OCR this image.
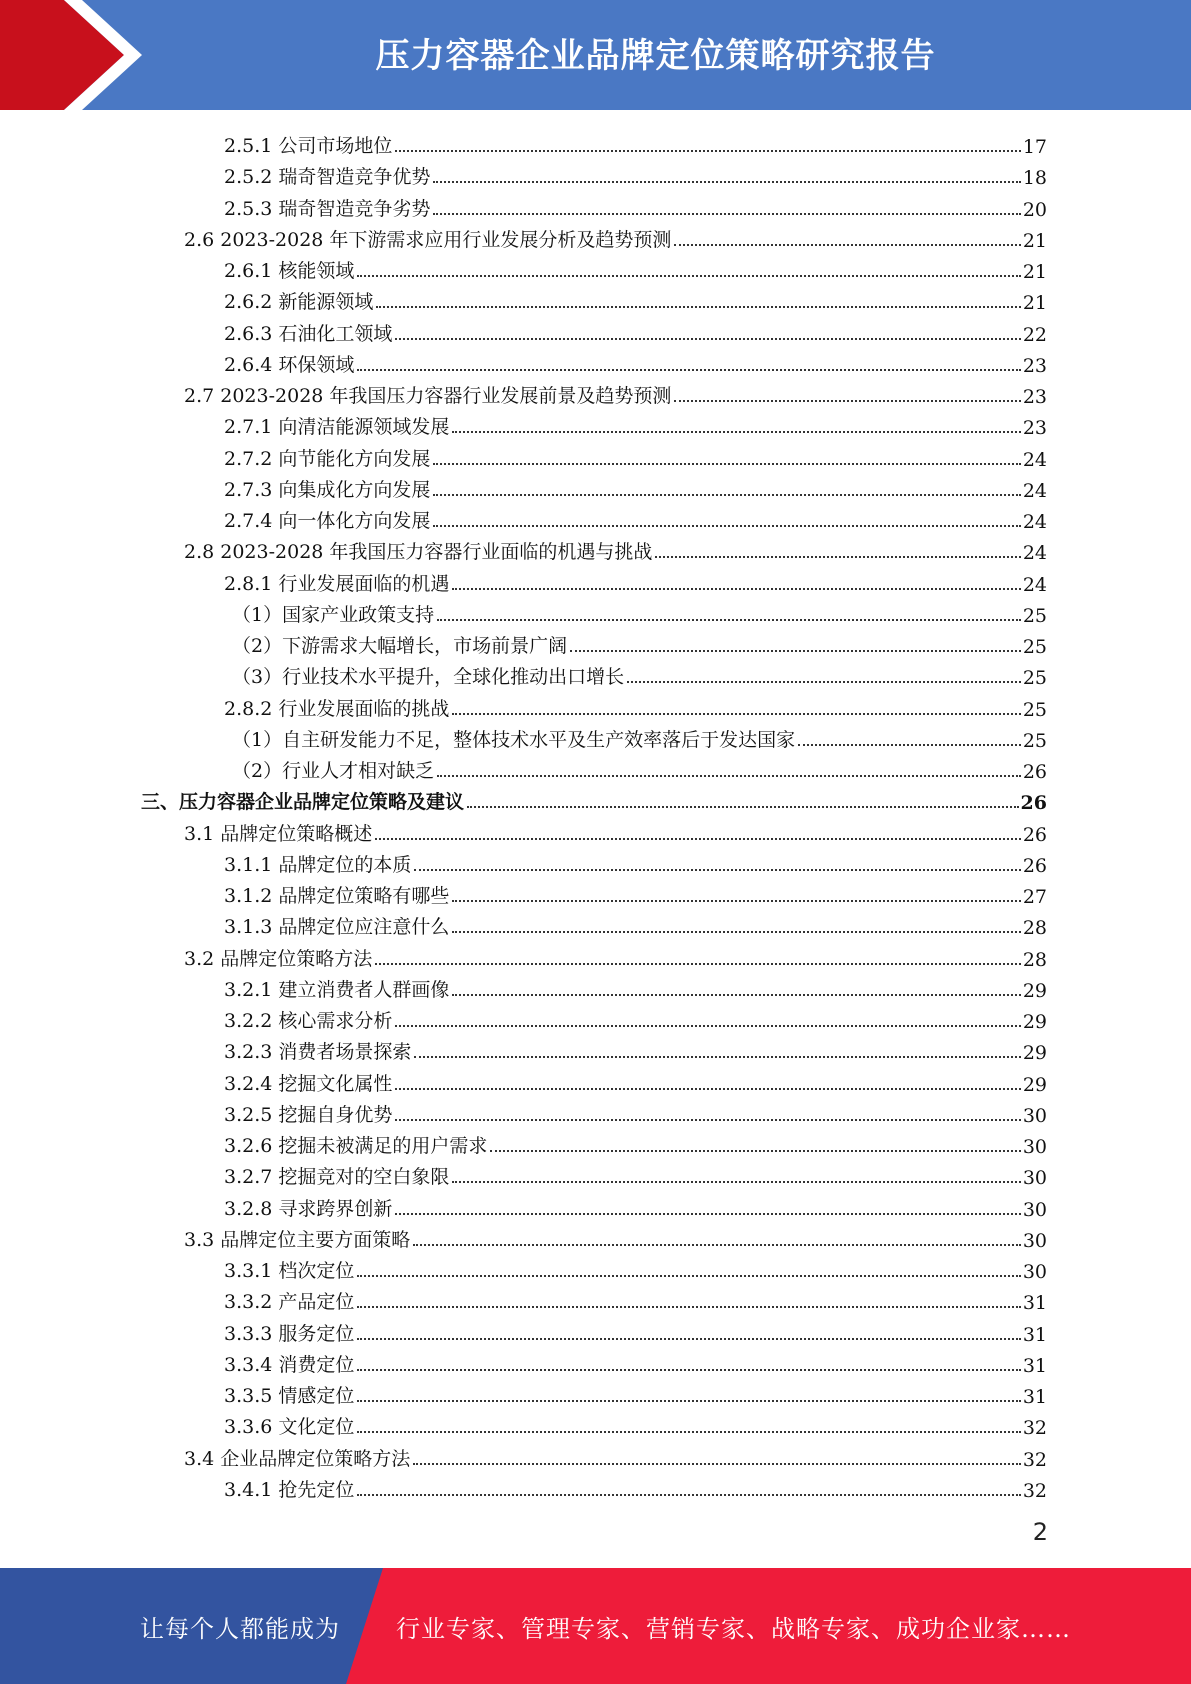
压力容器企业品牌定位策略研究报告
2.5.1 公司市场地位	17
2.5.2 瑞奇智造竞争优势	18
2.5.3 瑞奇智造竞争劣势	20
2.6 2023-2028 年下游需求应用行业发展分析及趋势预测	21
2.6.1 核能领域	21
2.6.2 新能源领域	21
2.6.3 石油化工领域	22
2.6.4 环保领域	23
2.7 2023-2028 年我国压力容器行业发展前景及趋势预测	23
2.7.1 向清洁能源领域发展	23
2.7.2 向节能化方向发展	24
2.7.3 向集成化方向发展	24
2.7.4 向一体化方向发展	24
2.8 2023-2028 年我国压力容器行业面临的机遇与挑战	24
2.8.1 行业发展面临的机遇	24
（1）国家产业政策支持	25
（2）下游需求大幅增长，市场前景广阔	25
（3）行业技术水平提升，全球化推动出口增长	25
2.8.2 行业发展面临的挑战	25
（1）自主研发能力不足，整体技术水平及生产效率落后于发达国家	25
（2）行业人才相对缺乏	26
三、压力容器企业品牌定位策略及建议	26
3.1 品牌定位策略概述	26
3.1.1 品牌定位的本质	26
3.1.2 品牌定位策略有哪些	27
3.1.3 品牌定位应注意什么	28
3.2 品牌定位策略方法	28
3.2.1 建立消费者人群画像	29
3.2.2 核心需求分析	29
3.2.3 消费者场景探索	29
3.2.4 挖掘文化属性	29
3.2.5 挖掘自身优势	30
3.2.6 挖掘未被满足的用户需求	30
3.2.7 挖掘竞对的空白象限	30
3.2.8 寻求跨界创新	30
3.3 品牌定位主要方面策略	30
3.3.1 档次定位	30
3.3.2 产品定位	31
3.3.3 服务定位	31
3.3.4 消费定位	31
3.3.5 情感定位	31
3.3.6 文化定位	32
3.4 企业品牌定位策略方法	32
3.4.1 抢先定位	32
2
让每个人都能成为 行业专家、管理专家、营销专家、战略专家、成功企业家……
